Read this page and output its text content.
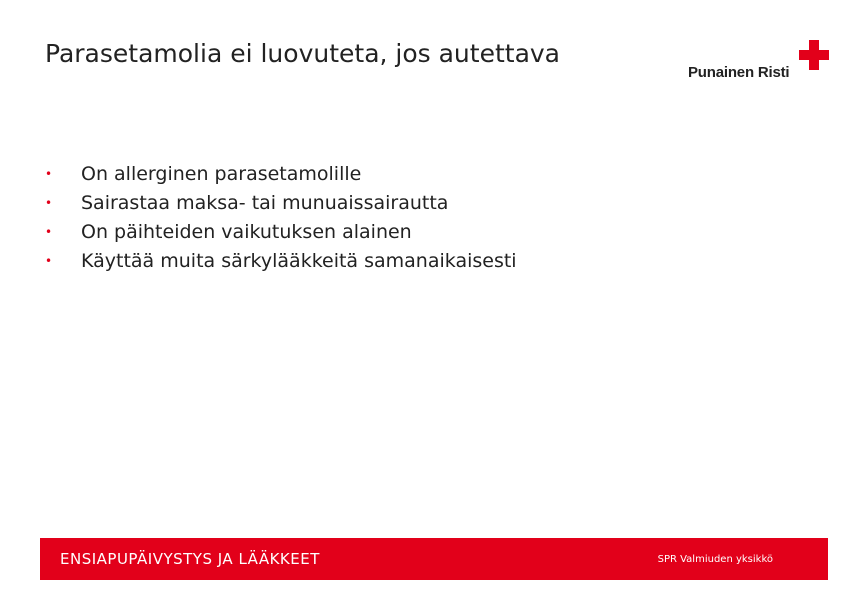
Parasetamolia ei luovuteta, jos autettava
Punainen Risti
• On allerginen parasetamolille
• Sairastaa maksa- tai munuaissairautta
• On päihteiden vaikutuksen alainen
• Käyttää muita särkylääkkeitä samanaikaisesti
ENSIAPUPÄIVYSTYS JA LÄÄKKEET	SPR Valmiuden yksikkö
